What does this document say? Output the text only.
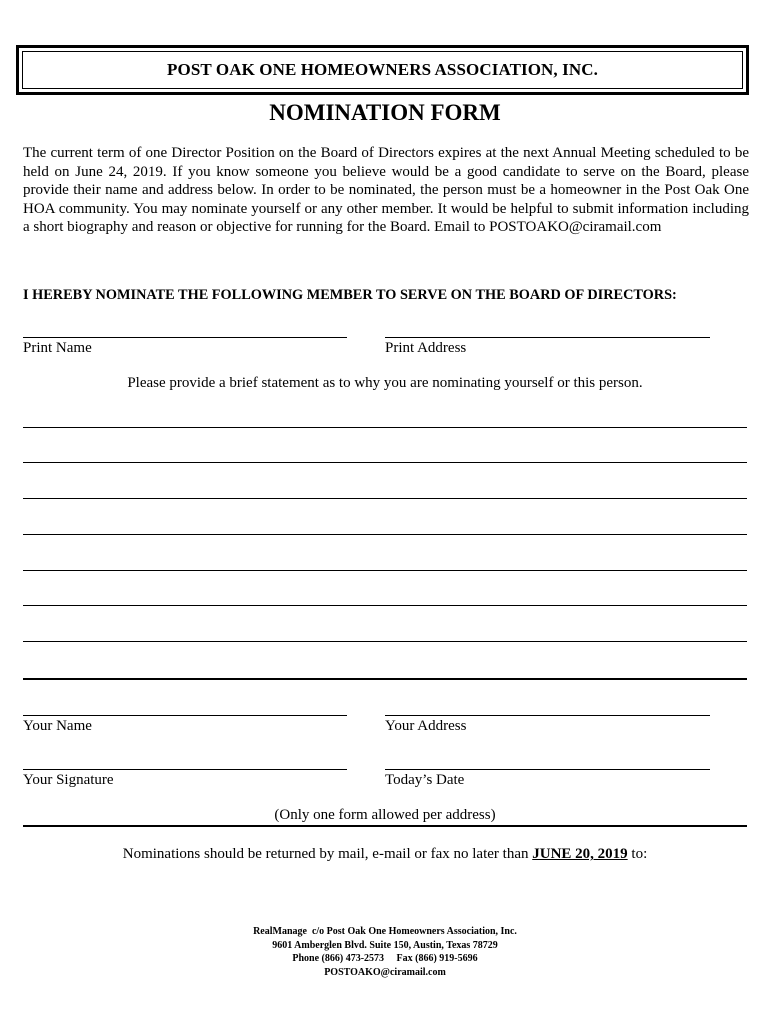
POST OAK ONE HOMEOWNERS ASSOCIATION, INC.
NOMINATION FORM
The current term of one Director Position on the Board of Directors expires at the next Annual Meeting scheduled to be held on June 24, 2019. If you know someone you believe would be a good candidate to serve on the Board, please provide their name and address below. In order to be nominated, the person must be a homeowner in the Post Oak One HOA community. You may nominate yourself or any other member. It would be helpful to submit information including a short biography and reason or objective for running for the Board. Email to POSTOAKO@ciramail.com
I HEREBY NOMINATE THE FOLLOWING MEMBER TO SERVE ON THE BOARD OF DIRECTORS:
Print Name	Print Address
Please provide a brief statement as to why you are nominating yourself or this person.
Your Name	Your Address
Your Signature	Today’s Date
(Only one form allowed per address)
Nominations should be returned by mail, e-mail or fax no later than JUNE 20, 2019 to:
RealManage  c/o Post Oak One Homeowners Association, Inc.
9601 Amberglen Blvd. Suite 150, Austin, Texas 78729
Phone (866) 473-2573     Fax (866) 919-5696
POSTOAKO@ciramail.com
